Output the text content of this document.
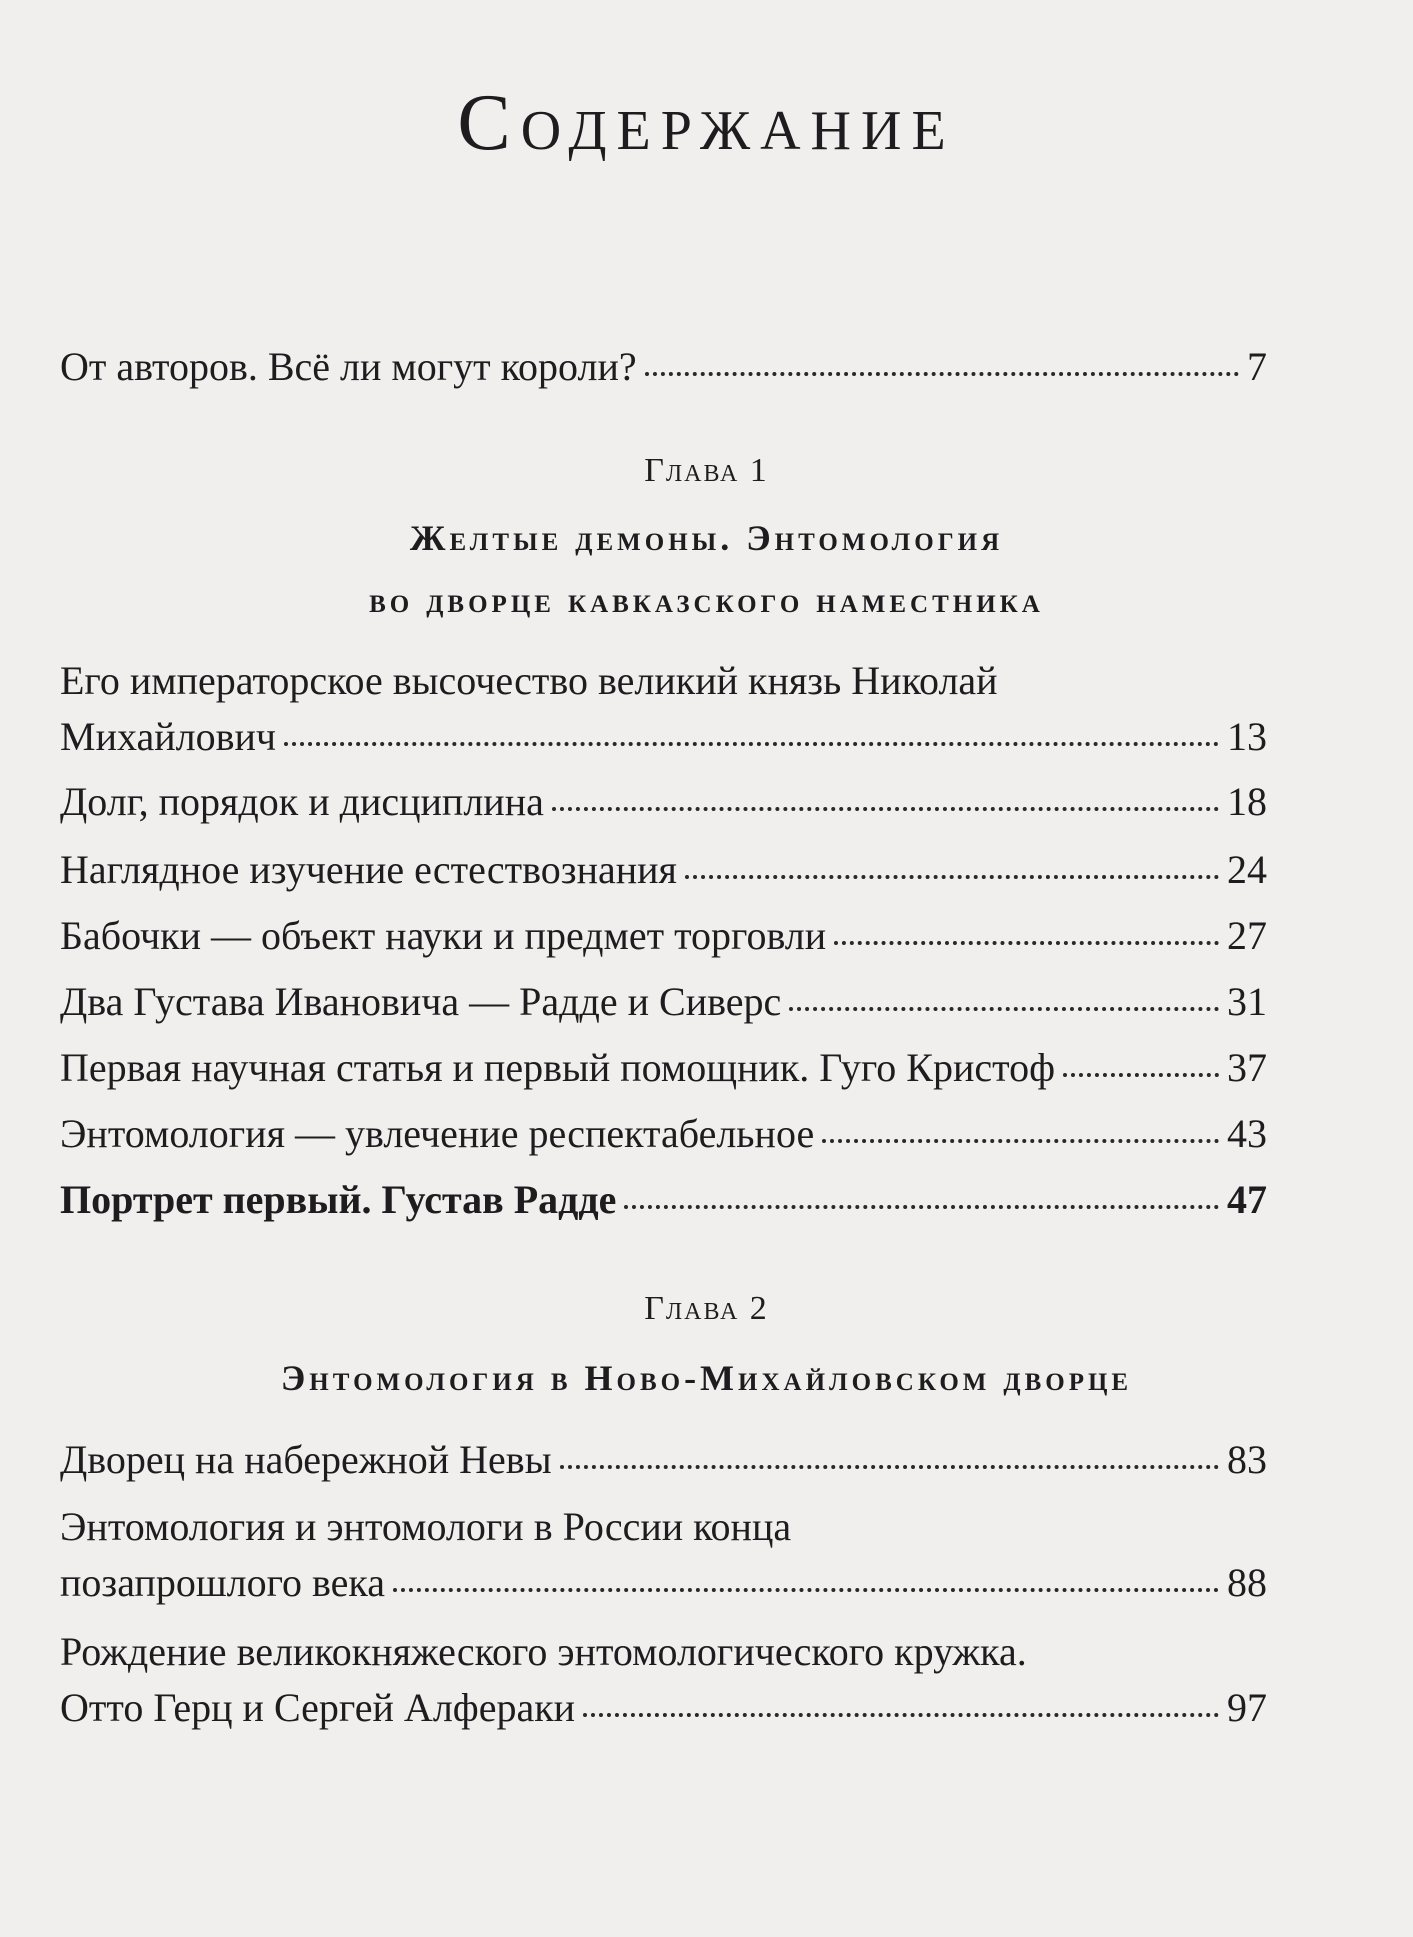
Содержание
От авторов. Всё ли могут короли?	7
Глава 1
Желтые демоны. Энтомология
во дворце кавказского наместника
Его императорское высочество великий князь Николай
Михайлович	13
Долг, порядок и дисциплина	18
Наглядное изучение естествознания	24
Бабочки — объект науки и предмет торговли	27
Два Густава Ивановича — Радде и Сиверс	31
Первая научная статья и первый помощник. Гуго Кристоф	37
Энтомология — увлечение респектабельное	43
Портрет первый. Густав Радде	47
Глава 2
Энтомология в Ново-Михайловском дворце
Дворец на набережной Невы	83
Энтомология и энтомологи в России конца
позапрошлого века	88
Рождение великокняжеского энтомологического кружка.
Отто Герц и Сергей Алфераки	97
